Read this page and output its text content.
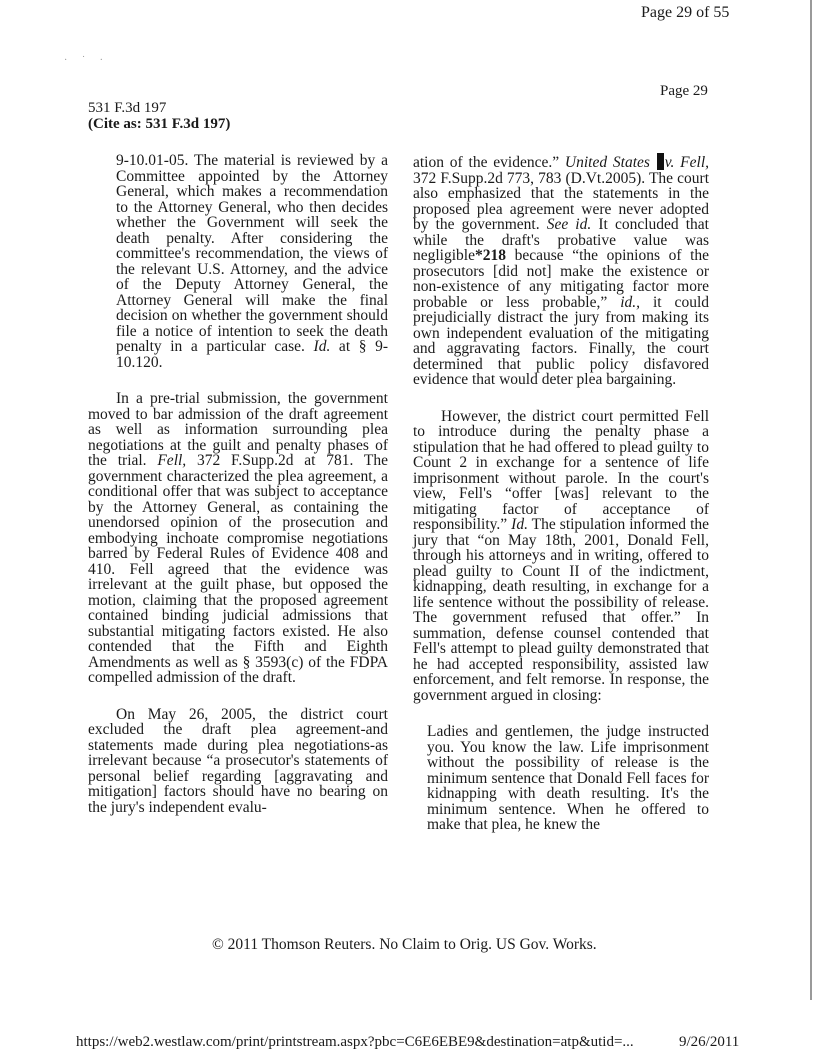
· ˙ ·
Page 29 of 55
Page 29
531 F.3d 197
(Cite as: 531 F.3d 197)

9-10.01-05. The material is reviewed by a Committee appointed by the Attorney General, which makes a recommendation to the Attorney General, who then decides whether the Government will seek the death penalty. After considering the committee's recommendation, the views of the relevant U.S. Attorney, and the advice of the Deputy Attorney General, the Attorney General will make the final decision on whether the government should file a notice of intention to seek the death penalty in a particular case. Id. at § 9-10.120.

In a pre-trial submission, the government moved to bar admission of the draft agreement as well as information surrounding plea negotiations at the guilt and penalty phases of the trial. Fell, 372 F.Supp.2d at 781. The government characterized the plea agreement, a conditional offer that was subject to acceptance by the Attorney General, as containing the unendorsed opinion of the prosecution and embodying inchoate compromise negotiations barred by Federal Rules of Evidence 408 and 410. Fell agreed that the evidence was irrelevant at the guilt phase, but opposed the motion, claiming that the proposed agreement contained binding judicial admissions that substantial mitigating factors existed. He also contended that the Fifth and Eighth Amendments as well as § 3593(c) of the FDPA compelled admission of the draft.

On May 26, 2005, the district court excluded the draft plea agreement-and statements made during plea negotiations-as irrelevant because “a prosecutor's statements of personal belief regarding [aggravating and mitigation] factors should have no bearing on the jury's independent evalu-

ation of the evidence.” United States v. Fell, 372 F.Supp.2d 773, 783 (D.Vt.2005). The court also emphasized that the statements in the proposed plea agreement were never adopted by the government. See id. It concluded that while the draft's probative value was negligible*218 because “the opinions of the prosecutors [did not] make the existence or non-existence of any mitigating factor more probable or less probable,” id., it could prejudicially distract the jury from making its own independent evaluation of the mitigating and aggravating factors. Finally, the court determined that public policy disfavored evidence that would deter plea bargaining.

However, the district court permitted Fell to introduce during the penalty phase a stipulation that he had offered to plead guilty to Count 2 in exchange for a sentence of life imprisonment without parole. In the court's view, Fell's “offer [was] relevant to the mitigating factor of acceptance of responsibility.” Id. The stipulation informed the jury that “on May 18th, 2001, Donald Fell, through his attorneys and in writing, offered to plead guilty to Count II of the indictment, kidnapping, death resulting, in exchange for a life sentence without the possibility of release. The government refused that offer.” In summation, defense counsel contended that Fell's attempt to plead guilty demonstrated that he had accepted responsibility, assisted law enforcement, and felt remorse. In response, the government argued in closing:

Ladies and gentlemen, the judge instructed you. You know the law. Life imprisonment without the possibility of release is the minimum sentence that Donald Fell faces for kidnapping with death resulting. It's the minimum sentence. When he offered to make that plea, he knew the

© 2011 Thomson Reuters. No Claim to Orig. US Gov. Works.
https://web2.westlaw.com/print/printstream.aspx?pbc=C6E6EBE9&destination=atp&utid=...	9/26/2011
